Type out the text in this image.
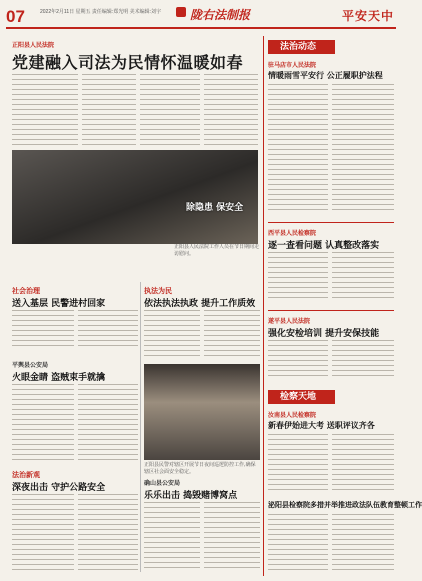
07	2022年2月11日 星期五 责任编辑:郑光明 美术编辑:刘宇	陇右法制报	平安天中
正阳县人民法院
党建融入司法为民情怀温暖如春
除隐患 保安全
正阳县人民法院工作人员在节日期间走访慰问。
法治动态
驻马店市人民法院
情暖雨雪平安行 公正履职护法程
西平县人民检察院
逐一查看问题 认真整改落实
遂平县人民法院
强化安检培训 提升安保技能
检察天地
汝南县人民检察院
新春伊始进大考 送职评议齐各
泌阳县检察院多措并举推进政法队伍教育整顿工作
社会治理
送入基层 民警进村回家
执法为民
依法执法执政 提升工作质效
平舆县公安局
火眼金睛 盗贼束手就擒
正阳县民警对辖区开展节日夜间巡逻防控工作,确保辖区社会面安全稳定。
法治新观
深夜出击 守护公路安全	确山县公安局
乐乐出击 捣毁赌博窝点
